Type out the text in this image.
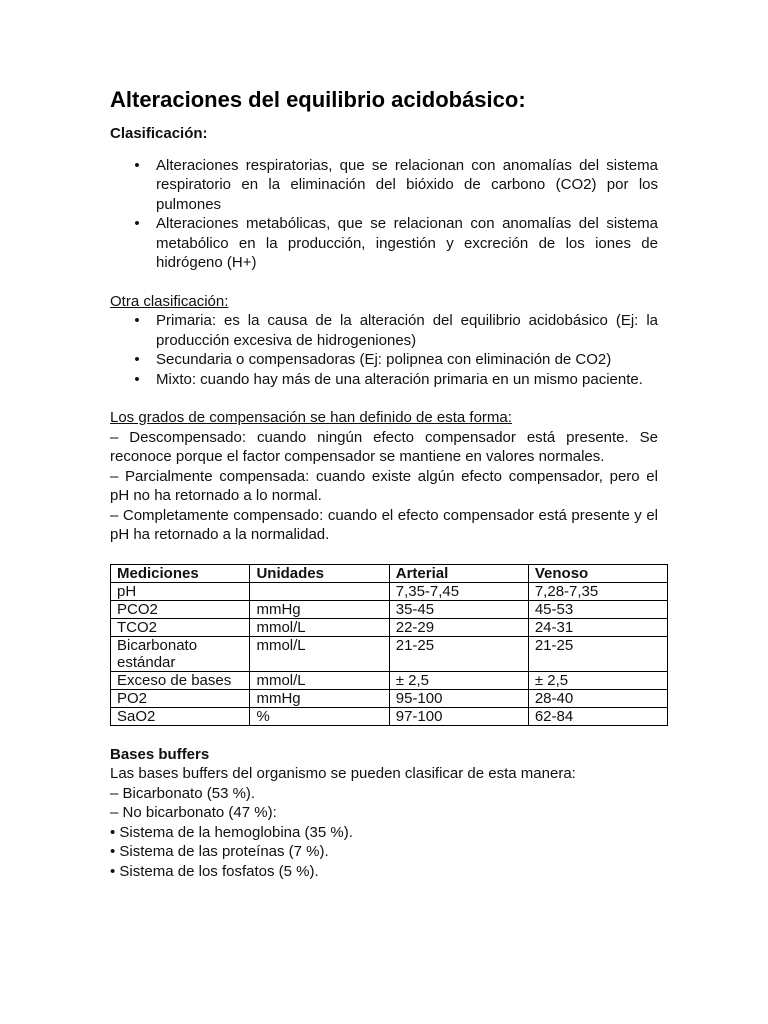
Alteraciones del equilibrio acidobásico:
Clasificación:
• Alteraciones respiratorias, que se relacionan con anomalías del sistema respiratorio en la eliminación del bióxido de carbono (CO2) por los pulmones
• Alteraciones metabólicas, que se relacionan con anomalías del sistema metabólico en la producción, ingestión y excreción de los iones de hidrógeno (H+)
Otra clasificación:
• Primaria: es la causa de la alteración del equilibrio acidobásico (Ej: la producción excesiva de hidrogeniones)
• Secundaria o compensadoras (Ej: polipnea con eliminación de CO2)
• Mixto: cuando hay más de una alteración primaria en un mismo paciente.
Los grados de compensación se han definido de esta forma:

– Descompensado: cuando ningún efecto compensador está presente. Se reconoce porque el factor compensador se mantiene en valores normales.

– Parcialmente compensada: cuando existe algún efecto compensador, pero el pH no ha retornado a lo normal.

– Completamente compensado: cuando el efecto compensador está presente y el pH ha retornado a la normalidad.

Mediciones	Unidades	Arterial	Venoso
pH		7,35-7,45	7,28-7,35
PCO2	mmHg	35-45	45-53
TCO2	mmol/L	22-29	24-31
Bicarbonato estándar	mmol/L	21-25	21-25
Exceso de bases	mmol/L	± 2,5	± 2,5
PO2	mmHg	95-100	28-40
SaO2	%	97-100	62-84
Bases buffers
Las bases buffers del organismo se pueden clasificar de esta manera:
– Bicarbonato (53 %).
– No bicarbonato (47 %):
• Sistema de la hemoglobina (35 %).
• Sistema de las proteínas (7 %).
• Sistema de los fosfatos (5 %).
